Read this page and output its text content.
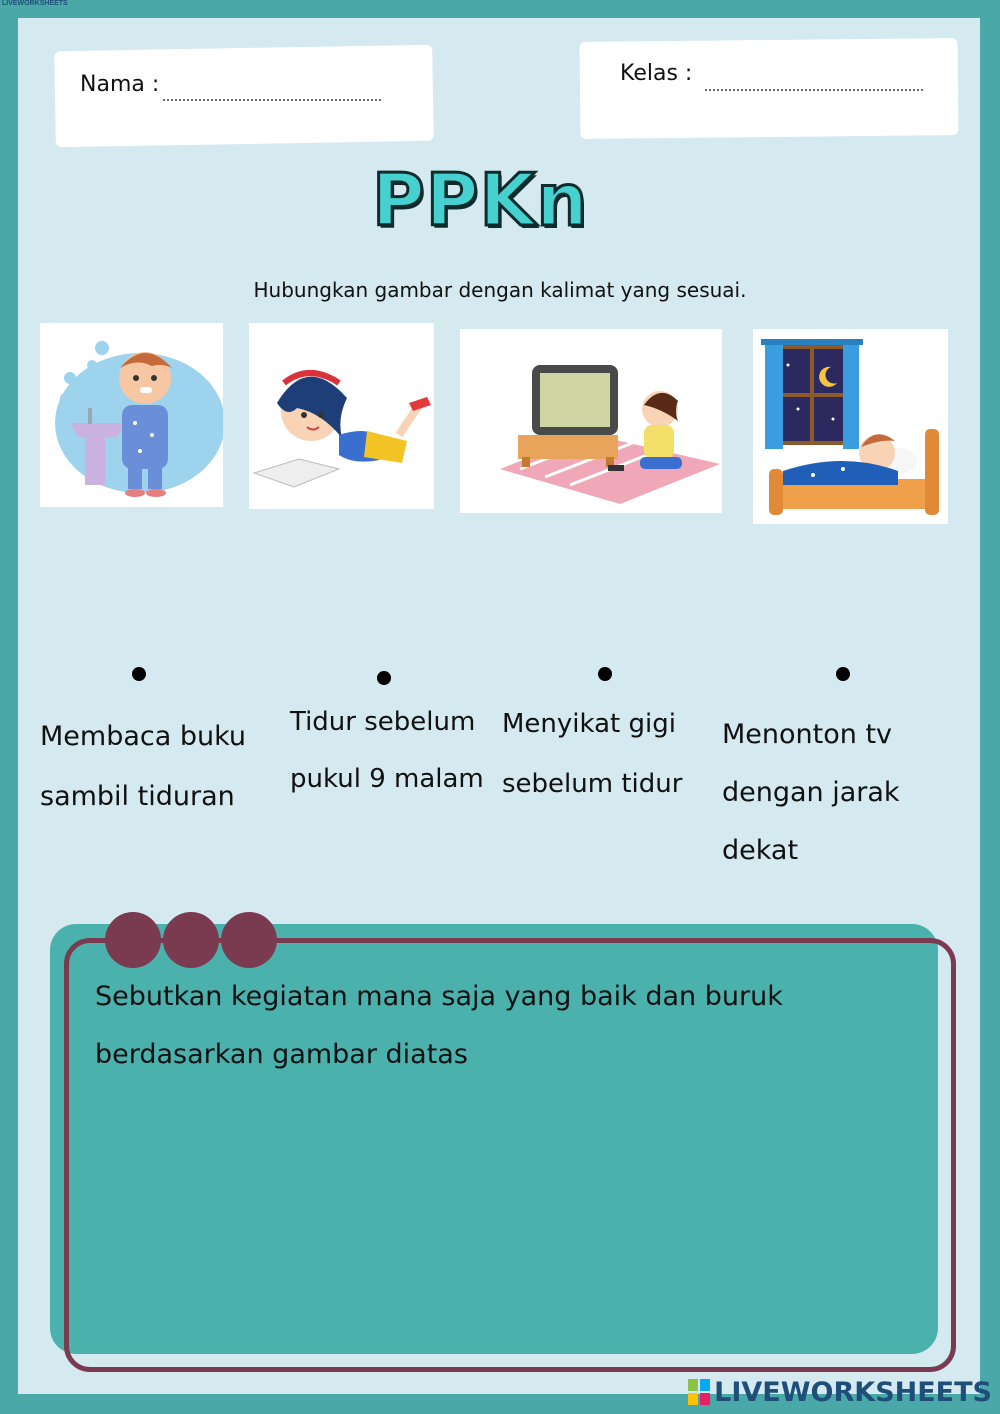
LIVEWORKSHEETS
Nama :	Kelas :
PPKn
Hubungkan gambar dengan kalimat yang sesuai.
Membaca buku
sambil tiduran
Tidur sebelum
pukul 9 malam
Menyikat gigi
sebelum tidur
Menonton tv
dengan jarak
dekat
Sebutkan kegiatan mana saja yang baik dan buruk
berdasarkan gambar diatas
LIVEWORKSHEETS
